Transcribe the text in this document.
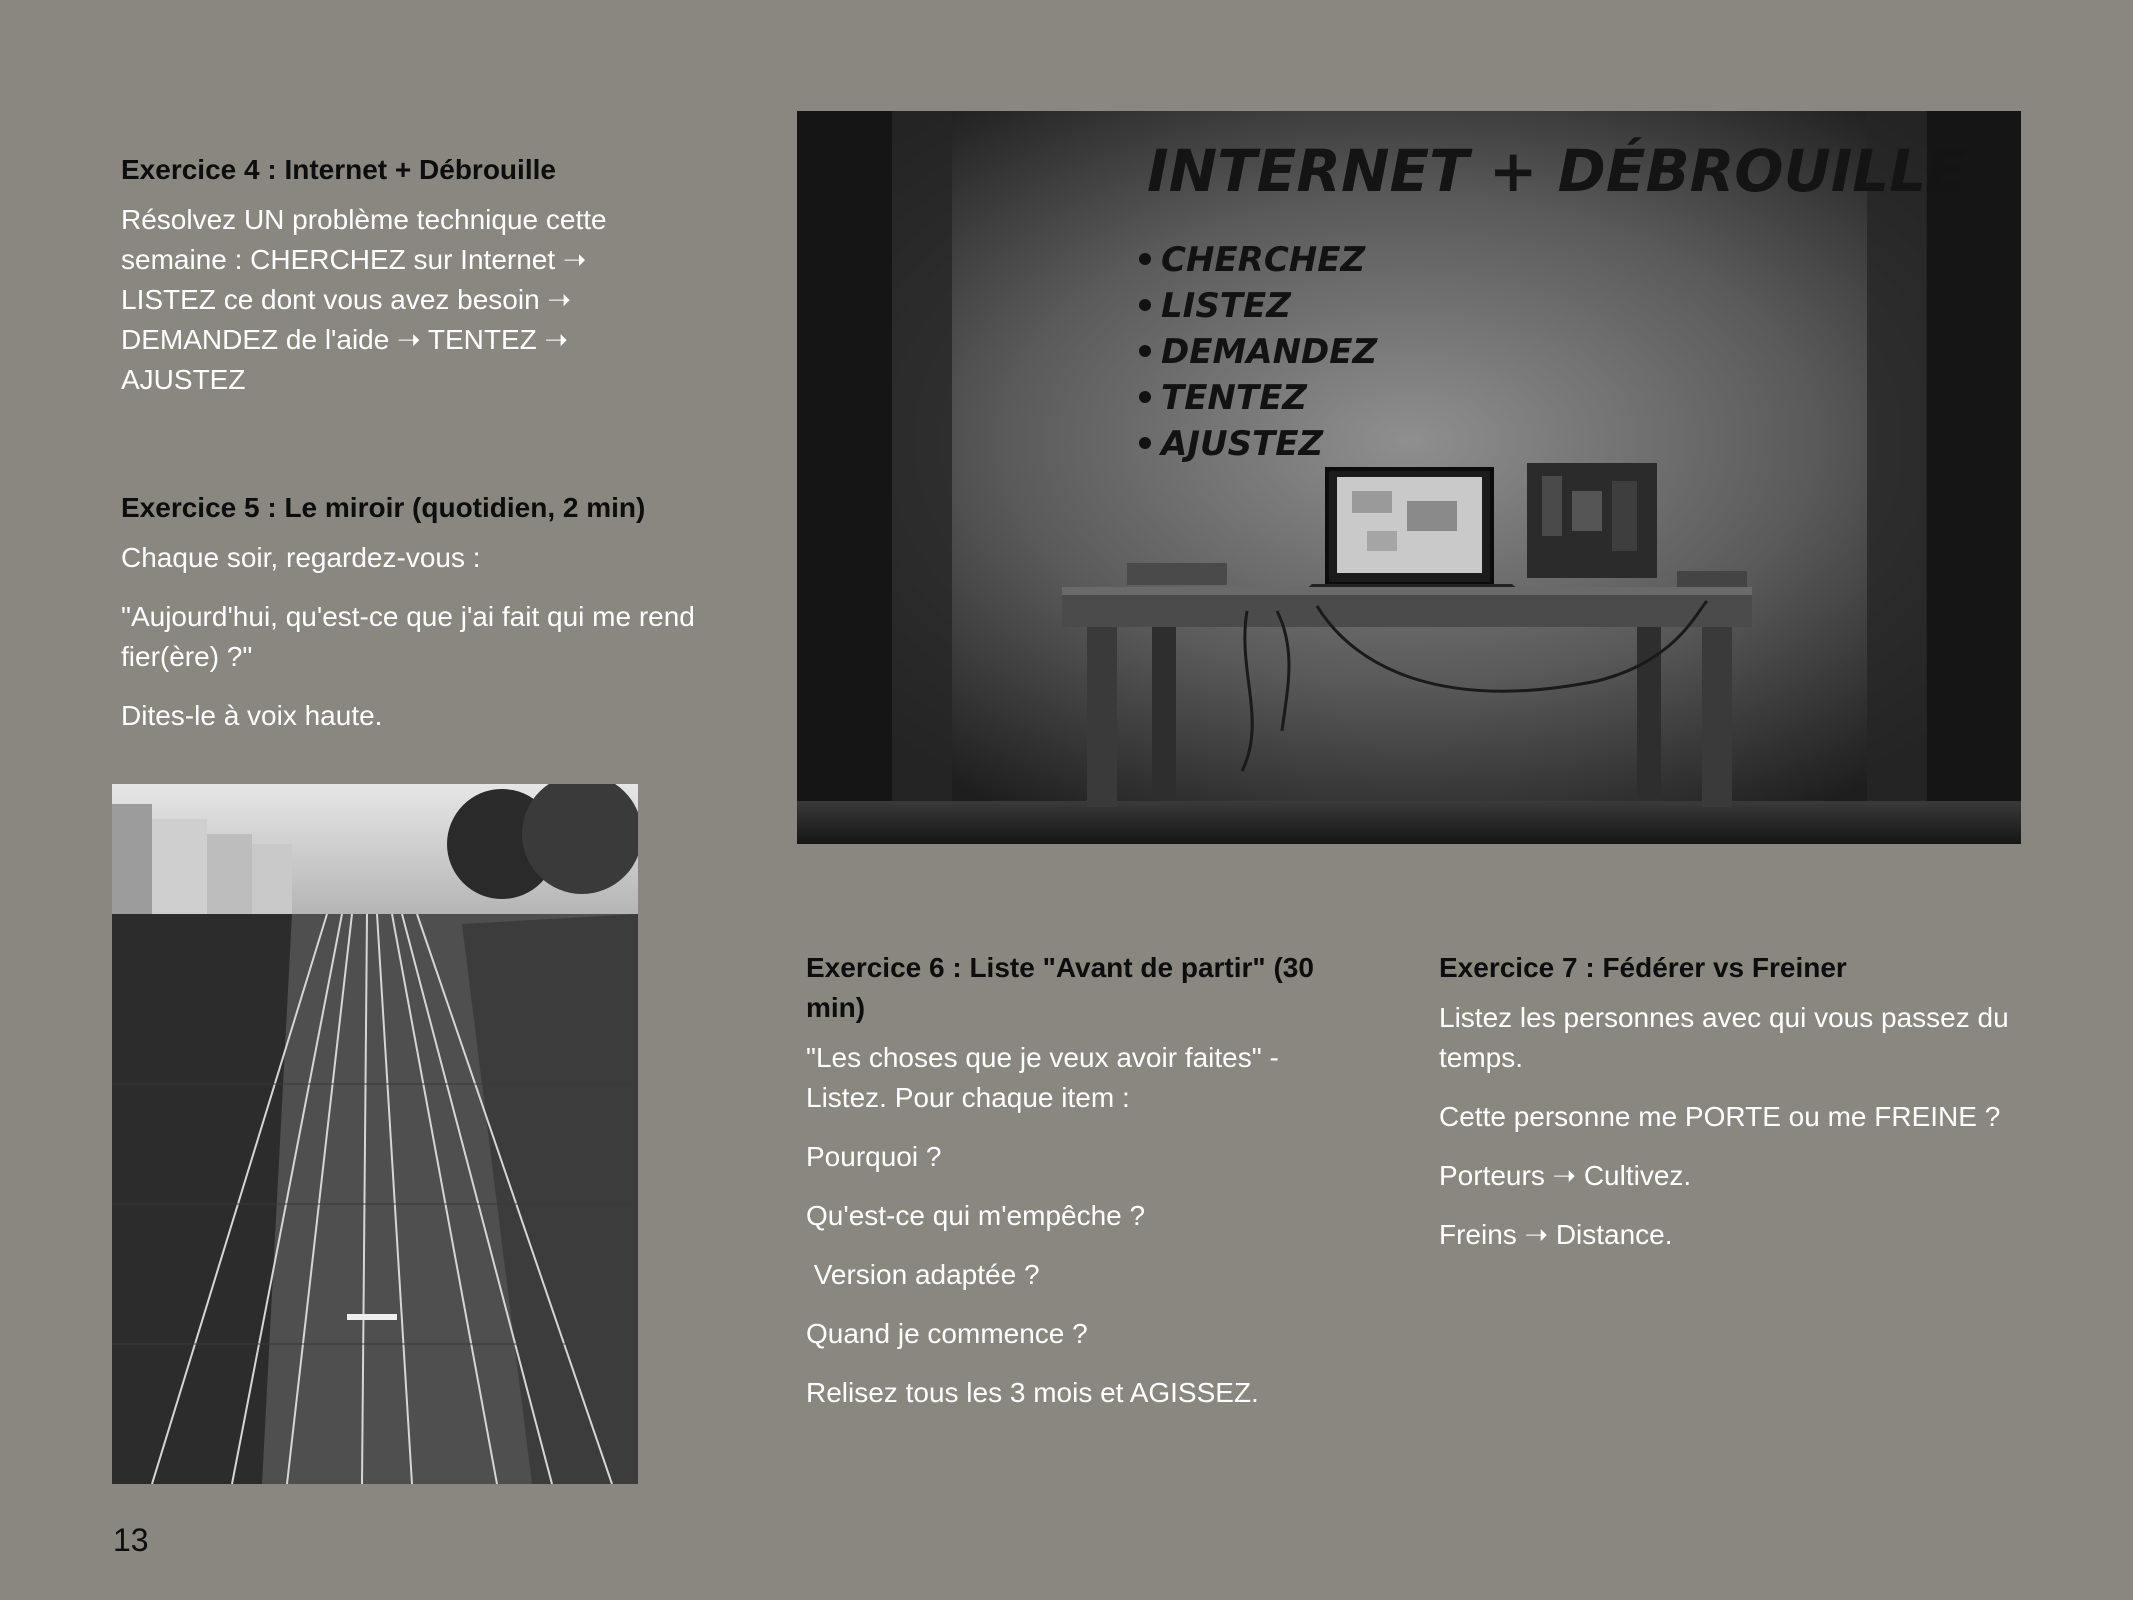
Exercice 4 : Internet + Débrouille

Résolvez UN problème technique cette semaine : CHERCHEZ sur Internet ➝ LISTEZ ce dont vous avez besoin ➝ DEMANDEZ de l'aide ➝ TENTEZ ➝ AJUSTEZ

Exercice 5 : Le miroir (quotidien, 2 min)

Chaque soir, regardez-vous :

"Aujourd'hui, qu'est-ce que j'ai fait qui me rend fier(ère) ?"

Dites-le à voix haute.

INTERNET + DÉBROUILLE
CHERCHEZ
LISTEZ
DEMANDEZ
TENTEZ
AJUSTEZ
Exercice 6 : Liste "Avant de partir" (30 min)

"Les choses que je veux avoir faites" - Listez. Pour chaque item :

Pourquoi ?

Qu'est-ce qui m'empêche ?

Version adaptée ?

Quand je commence ?

Relisez tous les 3 mois et AGISSEZ.

Exercice 7 : Fédérer vs Freiner

Listez les personnes avec qui vous passez du temps.

Cette personne me PORTE ou me FREINE ?

Porteurs ➝ Cultivez.

Freins ➝ Distance.

13
